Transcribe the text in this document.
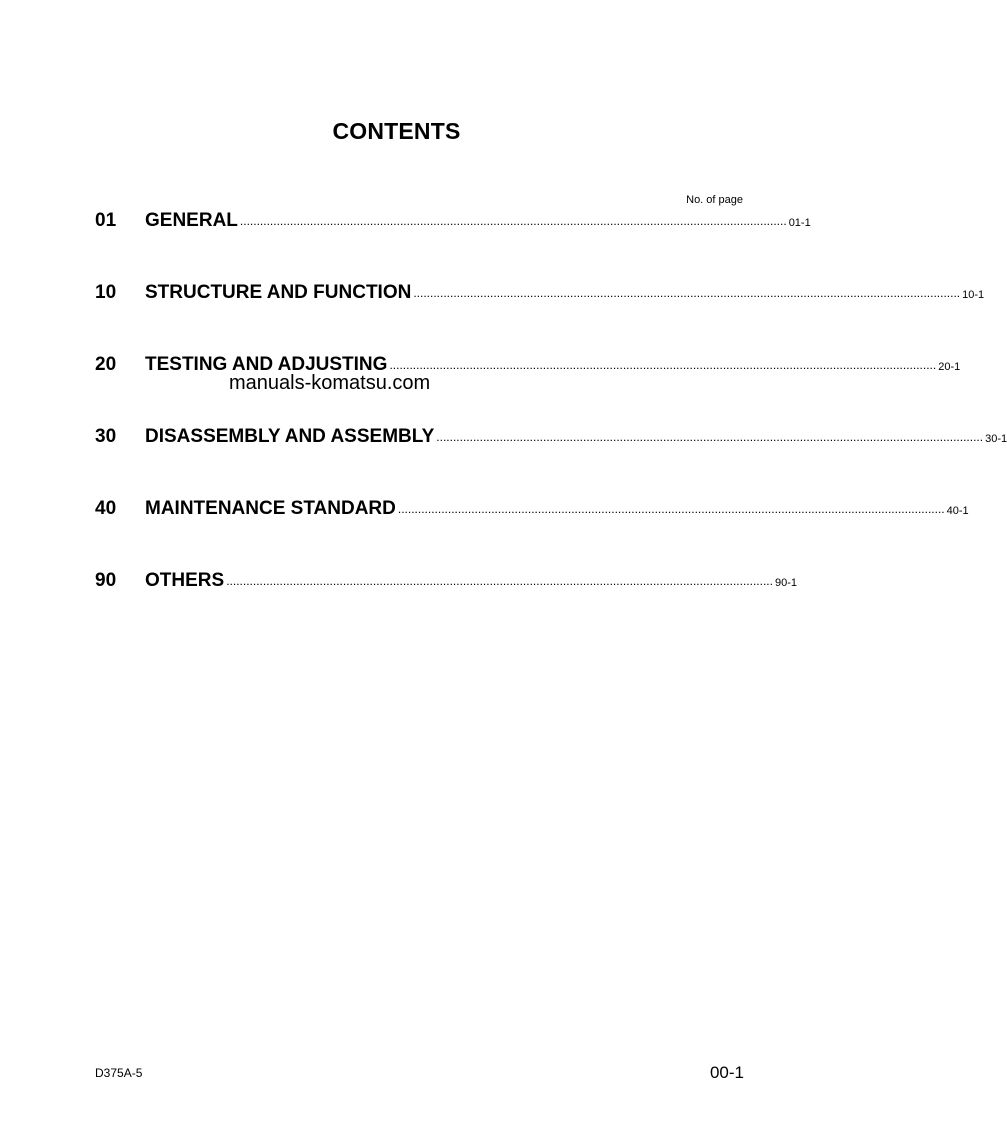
CONTENTS
No. of page
01	GENERAL .................................................................................................................................................................... 01-1
10	STRUCTURE AND FUNCTION .................................................................................................................................................................... 10-1
20	TESTING AND ADJUSTING .................................................................................................................................................................... 20-1
30	DISASSEMBLY AND ASSEMBLY .................................................................................................................................................................... 30-1
40	MAINTENANCE STANDARD .................................................................................................................................................................... 40-1
90	OTHERS .................................................................................................................................................................... 90-1
manuals-komatsu.com
D375A-5	00-1
